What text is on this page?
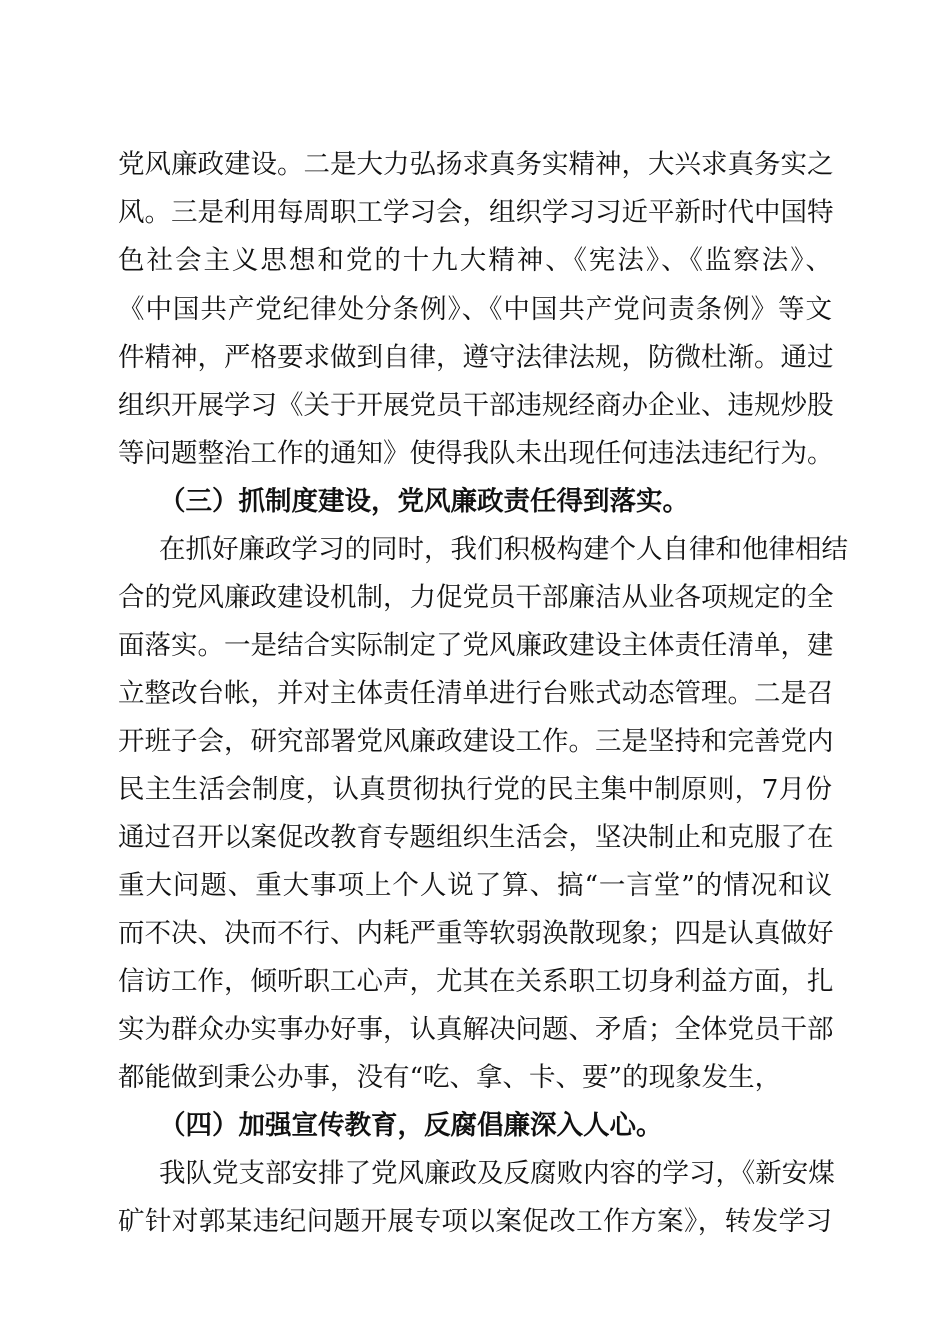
党风廉政建设。二是大力弘扬求真务实精神，大兴求真务实之
风。三是利用每周职工学习会，组织学习习近平新时代中国特
色社会主义思想和党的十九大精神、《宪法》、《监察法》、
《中国共产党纪律处分条例》、《中国共产党问责条例》等文
件精神，严格要求做到自律，遵守法律法规，防微杜渐。通过
组织开展学习《关于开展党员干部违规经商办企业、违规炒股
等问题整治工作的通知》使得我队未出现任何违法违纪行为。
（三）抓制度建设，党风廉政责任得到落实。
在抓好廉政学习的同时，我们积极构建个人自律和他律相结
合的党风廉政建设机制，力促党员干部廉洁从业各项规定的全
面落实。一是结合实际制定了党风廉政建设主体责任清单，建
立整改台帐，并对主体责任清单进行台账式动态管理。二是召
开班子会，研究部署党风廉政建设工作。三是坚持和完善党内
民主生活会制度，认真贯彻执行党的民主集中制原则，7月份
通过召开以案促改教育专题组织生活会，坚决制止和克服了在
重大问题、重大事项上个人说了算、搞“一言堂”的情况和议
而不决、决而不行、内耗严重等软弱涣散现象；四是认真做好
信访工作，倾听职工心声，尤其在关系职工切身利益方面，扎
实为群众办实事办好事，认真解决问题、矛盾；全体党员干部
都能做到秉公办事，没有“吃、拿、卡、要”的现象发生，
（四）加强宣传教育，反腐倡廉深入人心。
我队党支部安排了党风廉政及反腐败内容的学习，《新安煤
矿针对郭某违纪问题开展专项以案促改工作方案》，转发学习
